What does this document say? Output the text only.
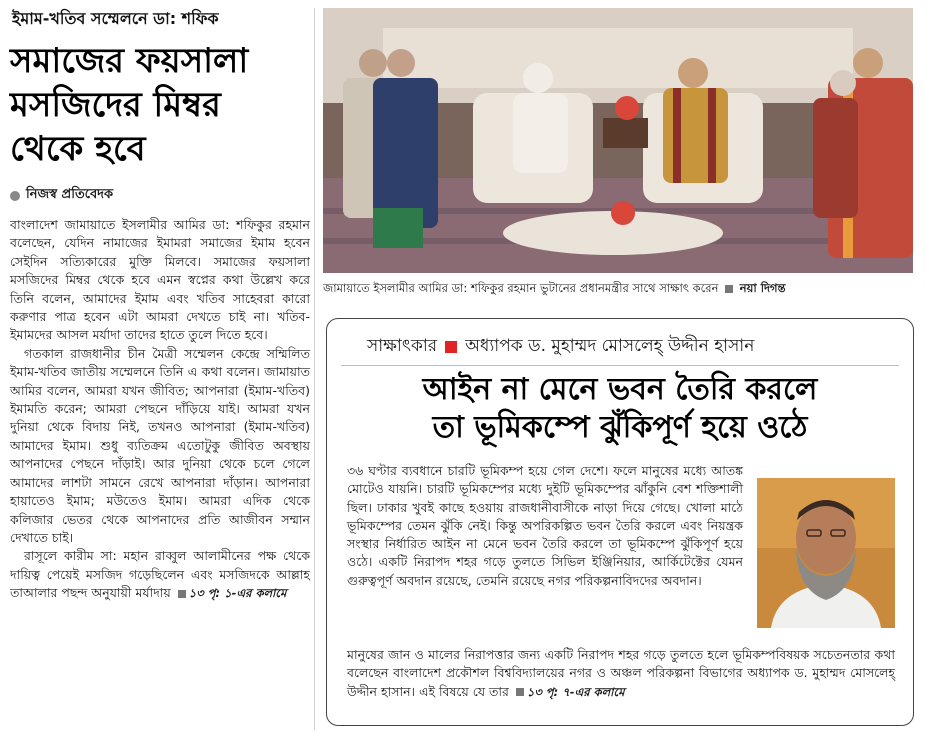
ইমাম-খতিব সম্মেলনে ডা: শফিক
সমাজের ফয়সালা
মসজিদের মিম্বর
থেকে হবে
নিজস্ব প্রতিবেদক

বাংলাদেশ জামায়াতে ইসলামীর আমির ডা: শফিকুর রহমান বলেছেন, যেদিন নামাজের ইমামরা সমাজের ইমাম হবেন সেইদিন সত্যিকারের মুক্তি মিলবে। সমাজের ফয়সালা মসজিদের মিম্বর থেকে হবে এমন স্বপ্নের কথা উল্লেখ করে তিনি বলেন, আমাদের ইমাম এবং খতিব সাহেবরা কারো করুণার পাত্র হবেন এটা আমরা দেখতে চাই না। খতিব-ইমামদের আসল মর্যাদা তাদের হাতে তুলে দিতে হবে।

গতকাল রাজধানীর চীন মৈত্রী সম্মেলন কেন্দ্রে সম্মিলিত ইমাম-খতিব জাতীয় সম্মেলনে তিনি এ কথা বলেন। জামায়াত আমির বলেন, আমরা যখন জীবিত; আপনারা (ইমাম-খতিব) ইমামতি করেন; আমরা পেছনে দাঁড়িয়ে যাই। আমরা যখন দুনিয়া থেকে বিদায় নিই, তখনও আপনারা (ইমাম-খতিব) আমাদের ইমাম। শুধু ব্যতিক্রম এতোটুকু জীবিত অবস্থায় আপনাদের পেছনে দাঁড়াই। আর দুনিয়া থেকে চলে গেলে আমাদের লাশটা সামনে রেখে আপনারা দাঁড়ান। আপনারা হায়াতেও ইমাম; মউতেও ইমাম। আমরা এদিক থেকে কলিজার ভেতর থেকে আপনাদের প্রতি আজীবন সম্মান দেখাতে চাই।

রাসূলে কারীম সা: মহান রাব্বুল আলামীনের পক্ষ থেকে দায়িত্ব পেয়েই মসজিদ গড়েছিলেন এবং মসজিদকে আল্লাহ তাআলার পছন্দ অনুযায়ী মর্যাদায় ১৩ পৃ: ১-এর কলামে

জামায়াতে ইসলামীর আমির ডা: শফিকুর রহমান ভুটানের প্রধানমন্ত্রীর সাথে সাক্ষাৎ করেন নয়া দিগন্ত
সাক্ষাৎকার অধ্যাপক ড. মুহাম্মদ মোসলেহ্ উদ্দীন হাসান
আইন না মেনে ভবন তৈরি করলে
তা ভূমিকম্পে ঝুঁকিপূর্ণ হয়ে ওঠে

৩৬ ঘণ্টার ব্যবধানে চারটি ভূমিকম্প হয়ে গেল দেশে। ফলে মানুষের মধ্যে আতঙ্ক মোটেও যায়নি। চারটি ভূমিকম্পের মধ্যে দুইটি ভূমিকম্পের ঝাঁকুনি বেশ শক্তিশালী ছিল। ঢাকার খুবই কাছে হওয়ায় রাজধানীবাসীকে নাড়া দিয়ে গেছে। খোলা মাঠে ভূমিকম্পের তেমন ঝুঁকি নেই। কিন্তু অপরিকল্পিত ভবন তৈরি করলে এবং নিয়ন্ত্রক সংস্থার নির্ধারিত আইন না মেনে ভবন তৈরি করলে তা ভূমিকম্পে ঝুঁকিপূর্ণ হয়ে ওঠে। একটি নিরাপদ শহর গড়ে তুলতে সিভিল ইঞ্জিনিয়ার, আর্কিটেক্টের যেমন গুরুত্বপূর্ণ অবদান রয়েছে, তেমনি রয়েছে নগর পরিকল্পনাবিদদের অবদান।

মানুষের জান ও মালের নিরাপত্তার জন্য একটি নিরাপদ শহর গড়ে তুলতে হলে ভূমিকম্পবিষয়ক সচেতনতার কথা বলেছেন বাংলাদেশ প্রকৌশল বিশ্ববিদ্যালয়ের নগর ও অঞ্চল পরিকল্পনা বিভাগের অধ্যাপক ড. মুহাম্মদ মোসলেহ্ উদ্দীন হাসান। এই বিষয়ে যে তার ১৩ পৃ: ৭-এর কলামে
